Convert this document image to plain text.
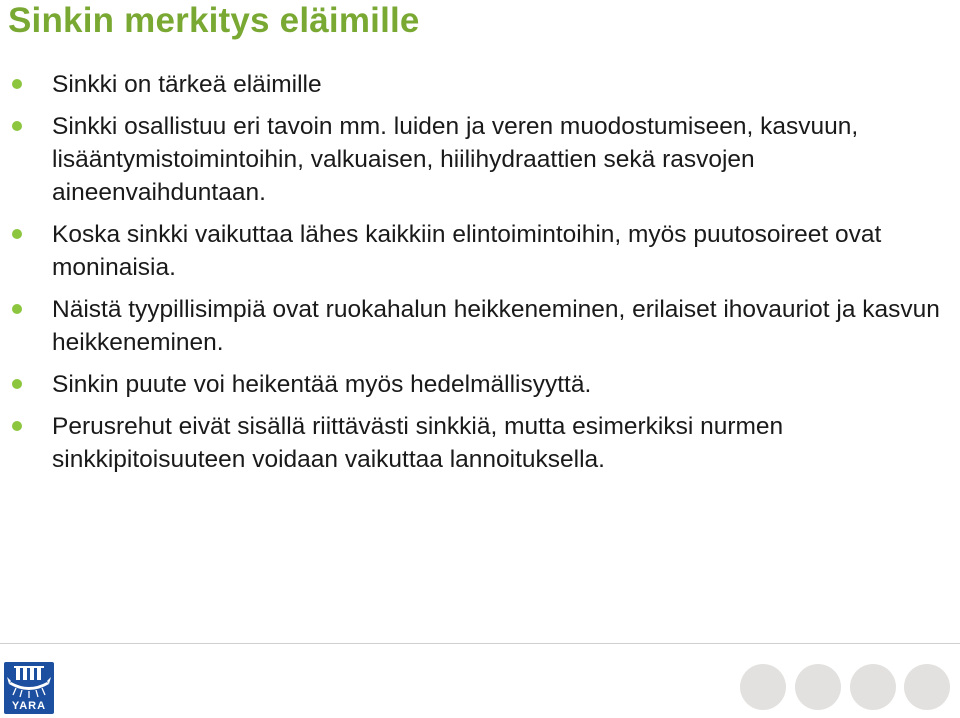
Sinkin merkitys eläimille
Sinkki on tärkeä eläimille
Sinkki osallistuu eri tavoin mm. luiden ja veren muodostumiseen, kasvuun, lisääntymistoimintoihin, valkuaisen, hiilihydraattien sekä rasvojen aineenvaihduntaan.
Koska sinkki vaikuttaa lähes kaikkiin elintoimintoihin, myös puutosoireet ovat moninaisia.
Näistä tyypillisimpiä ovat ruokahalun heikkeneminen, erilaiset ihovauriot ja kasvun heikkeneminen.
Sinkin puute voi heikentää myös hedelmällisyyttä.
Perusrehut eivät sisällä riittävästi sinkkiä, mutta esimerkiksi nurmen sinkkipitoisuuteen voidaan vaikuttaa lannoituksella.
YARA
